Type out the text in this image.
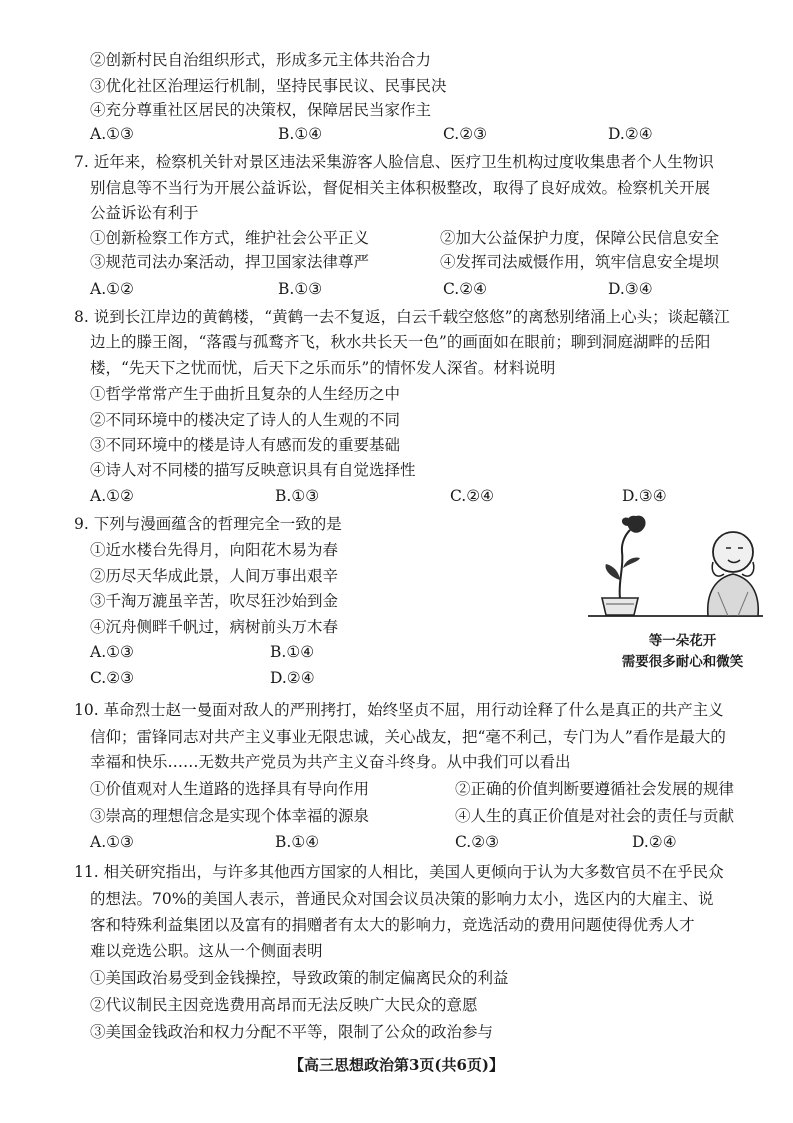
②创新村民自治组织形式，形成多元主体共治合力
③优化社区治理运行机制，坚持民事民议、民事民决
④充分尊重社区居民的决策权，保障居民当家作主
A.①③	B.①④	C.②③	D.②④
7. 近年来，检察机关针对景区违法采集游客人脸信息、医疗卫生机构过度收集患者个人生物识
别信息等不当行为开展公益诉讼，督促相关主体积极整改，取得了良好成效。检察机关开展
公益诉讼有利于
①创新检察工作方式，维护社会公平正义	②加大公益保护力度，保障公民信息安全
③规范司法办案活动，捍卫国家法律尊严	④发挥司法威慑作用，筑牢信息安全堤坝
A.①②	B.①③	C.②④	D.③④
8. 说到长江岸边的黄鹤楼，“黄鹤一去不复返，白云千载空悠悠”的离愁别绪涌上心头；谈起赣江
边上的滕王阁，“落霞与孤鹜齐飞，秋水共长天一色”的画面如在眼前；聊到洞庭湖畔的岳阳
楼，“先天下之忧而忧，后天下之乐而乐”的情怀发人深省。材料说明
①哲学常常产生于曲折且复杂的人生经历之中
②不同环境中的楼决定了诗人的人生观的不同
③不同环境中的楼是诗人有感而发的重要基础
④诗人对不同楼的描写反映意识具有自觉选择性
A.①②	B.①③	C.②④	D.③④
9. 下列与漫画蕴含的哲理完全一致的是
①近水楼台先得月，向阳花木易为春
②历尽天华成此景，人间万事出艰辛
③千淘万漉虽辛苦，吹尽狂沙始到金
④沉舟侧畔千帆过，病树前头万木春
A.①③	B.①④
C.②③	D.②④
等一朵花开
需要很多耐心和微笑
10. 革命烈士赵一曼面对敌人的严刑拷打，始终坚贞不屈，用行动诠释了什么是真正的共产主义
信仰；雷锋同志对共产主义事业无限忠诚，关心战友，把“毫不利己，专门为人”看作是最大的
幸福和快乐……无数共产党员为共产主义奋斗终身。从中我们可以看出
①价值观对人生道路的选择具有导向作用	②正确的价值判断要遵循社会发展的规律
③崇高的理想信念是实现个体幸福的源泉	④人生的真正价值是对社会的责任与贡献
A.①③	B.①④	C.②③	D.②④
11. 相关研究指出，与许多其他西方国家的人相比，美国人更倾向于认为大多数官员不在乎民众
的想法。70%的美国人表示，普通民众对国会议员决策的影响力太小，选区内的大雇主、说
客和特殊利益集团以及富有的捐赠者有太大的影响力，竞选活动的费用问题使得优秀人才
难以竞选公职。这从一个侧面表明
①美国政治易受到金钱操控，导致政策的制定偏离民众的利益
②代议制民主因竞选费用高昂而无法反映广大民众的意愿
③美国金钱政治和权力分配不平等，限制了公众的政治参与
【高三思想政治第3页(共6页)】
